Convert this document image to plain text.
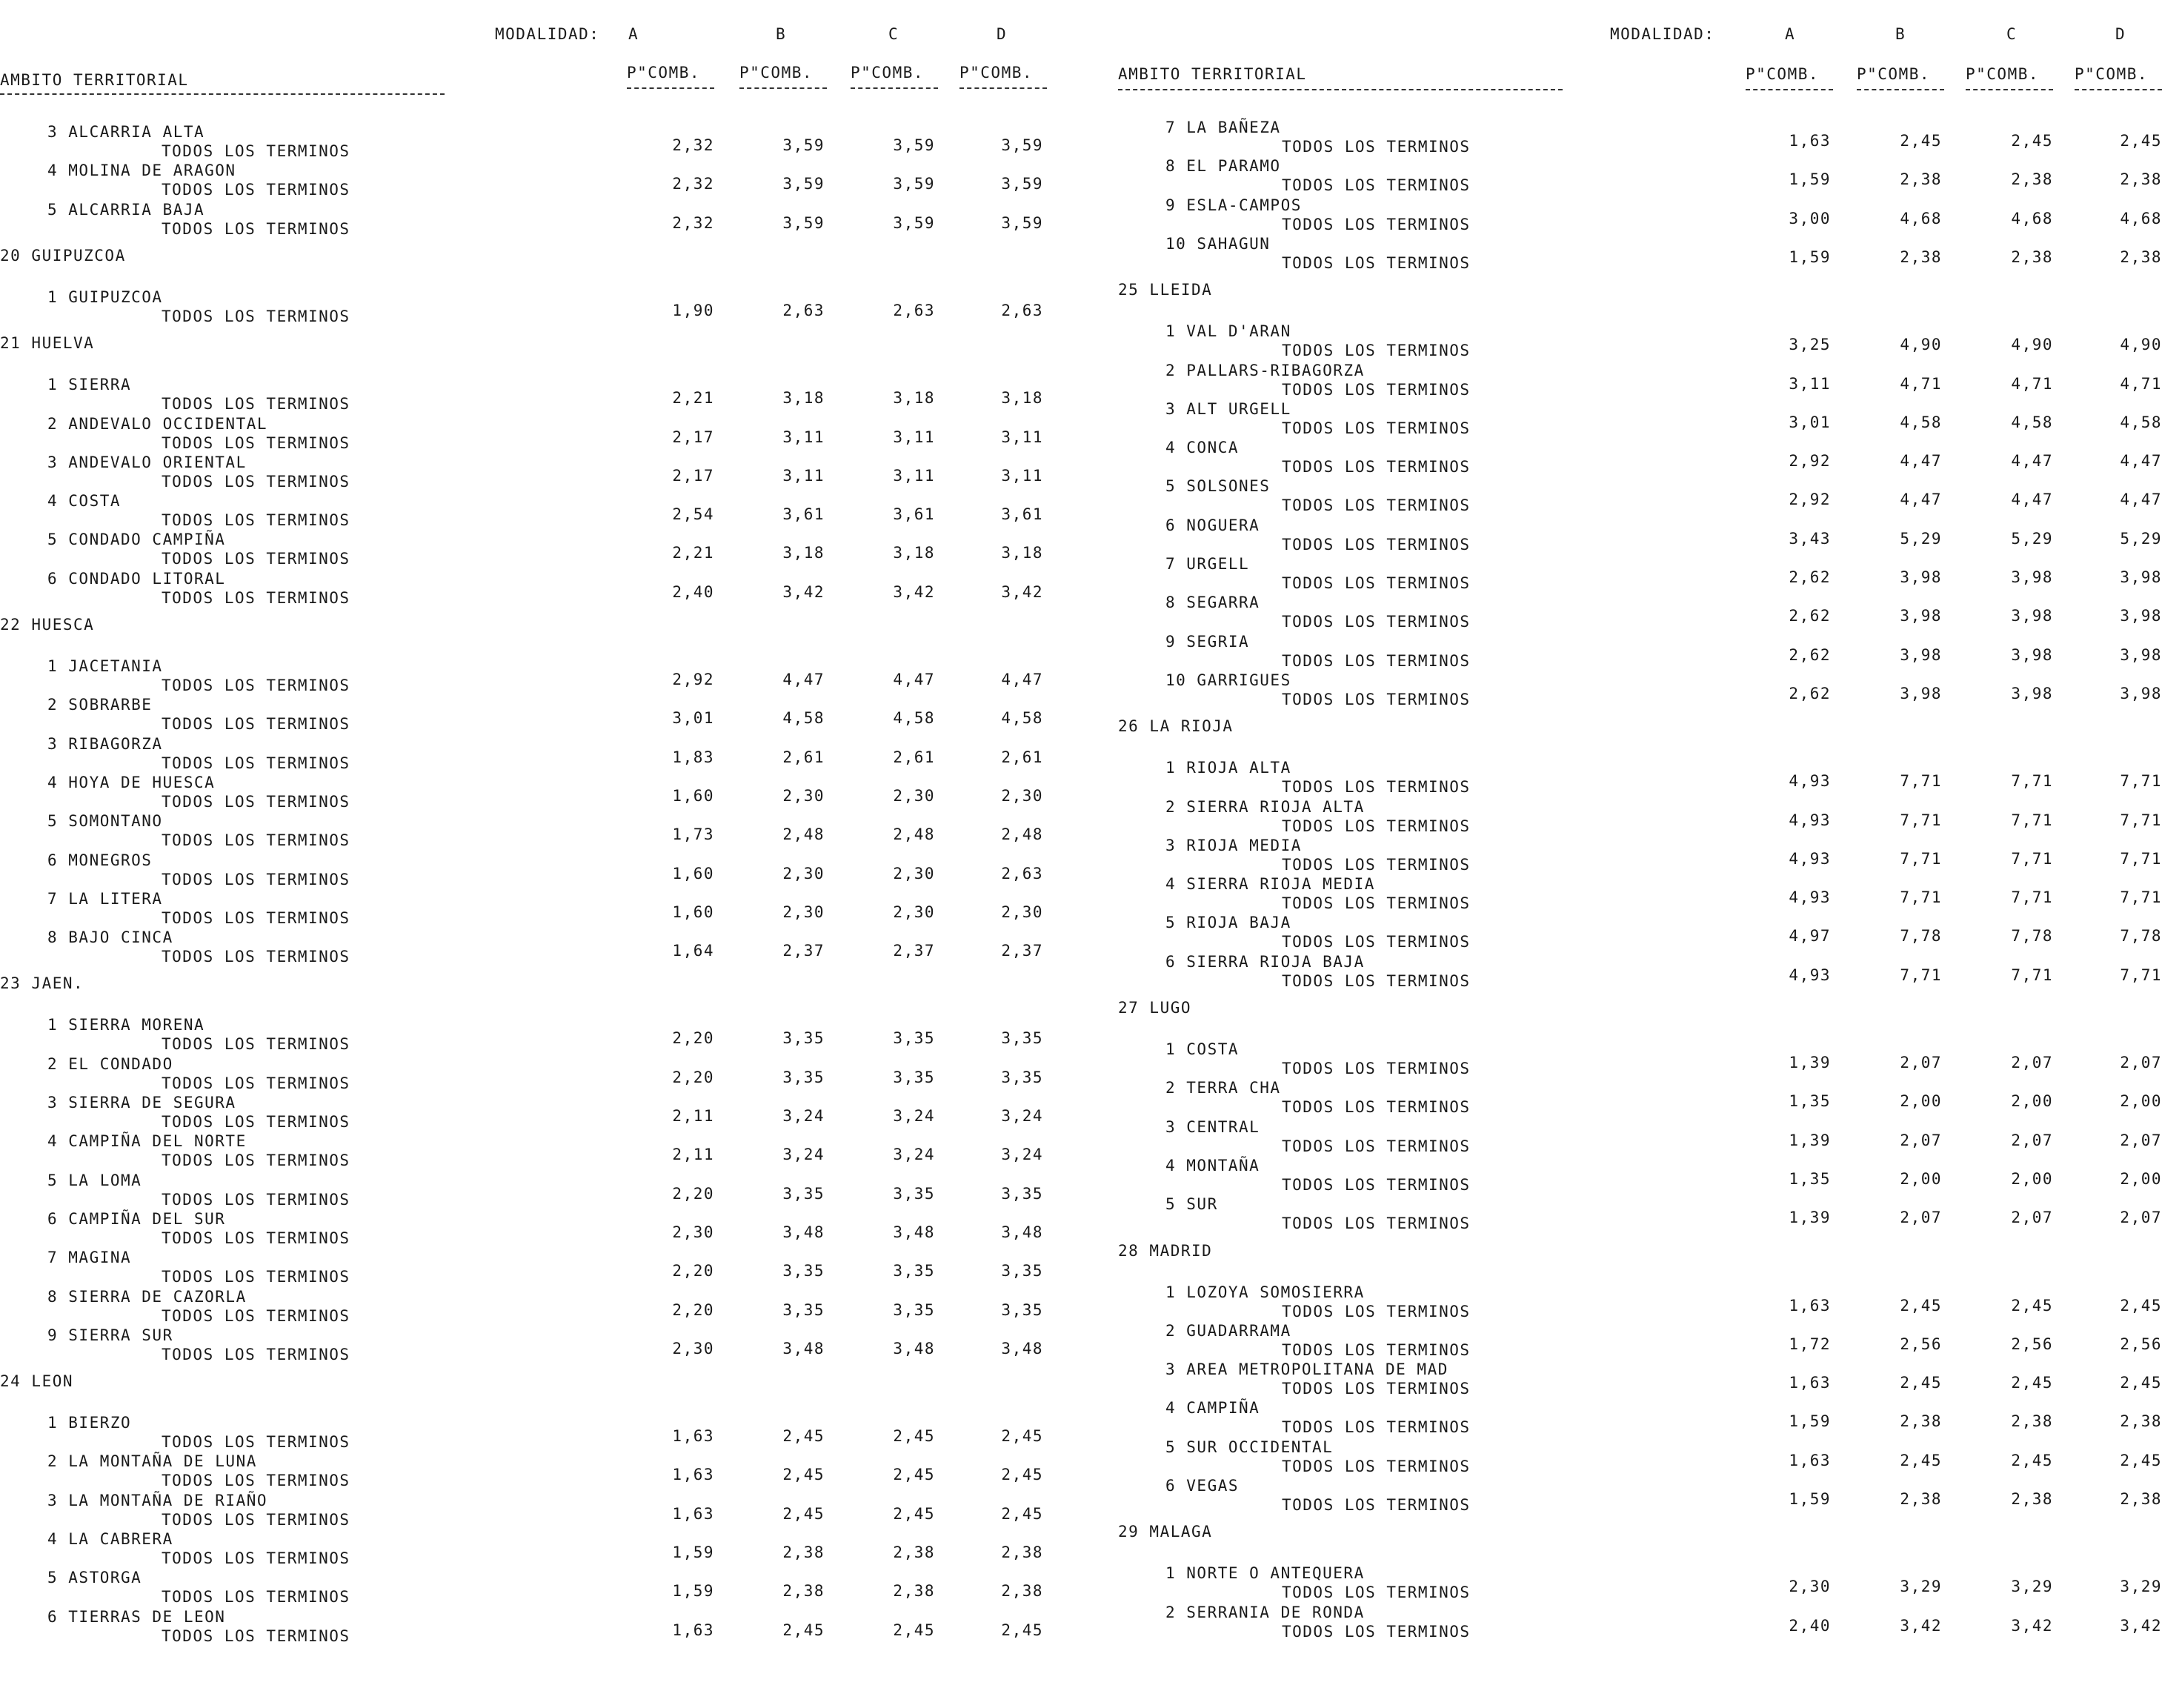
MODALIDAD: A	B	C	D
AMBITO TERRITORIAL	P"COMB.	P"COMB. P"COMB. P"COMB.
3 ALCARRIA ALTA
TODOS LOS TERMINOS	2,32	3,59	3,59	3,59
4 MOLINA DE ARAGON
TODOS LOS TERMINOS	2,32	3,59	3,59	3,59
5 ALCARRIA BAJA
TODOS LOS TERMINOS	2,32	3,59	3,59	3,59
20 GUIPUZCOA
1 GUIPUZCOA
TODOS LOS TERMINOS	1,90	2,63	2,63	2,63
21 HUELVA
1 SIERRA
TODOS LOS TERMINOS	2,21	3,18	3,18	3,18
2 ANDEVALO OCCIDENTAL
TODOS LOS TERMINOS	2,17	3,11	3,11	3,11
3 ANDEVALO ORIENTAL
TODOS LOS TERMINOS	2,17	3,11	3,11	3,11
4 COSTA
TODOS LOS TERMINOS	2,54	3,61	3,61	3,61
5 CONDADO CAMPIÑA
TODOS LOS TERMINOS	2,21	3,18	3,18	3,18
6 CONDADO LITORAL
TODOS LOS TERMINOS	2,40	3,42	3,42	3,42
22 HUESCA
1 JACETANIA
TODOS LOS TERMINOS	2,92	4,47	4,47	4,47
2 SOBRARBE
TODOS LOS TERMINOS	3,01	4,58	4,58	4,58
3 RIBAGORZA
TODOS LOS TERMINOS	1,83	2,61	2,61	2,61
4 HOYA DE HUESCA
TODOS LOS TERMINOS	1,60	2,30	2,30	2,30
5 SOMONTANO
TODOS LOS TERMINOS	1,73	2,48	2,48	2,48
6 MONEGROS
TODOS LOS TERMINOS	1,60	2,30	2,30	2,63
7 LA LITERA
TODOS LOS TERMINOS	1,60	2,30	2,30	2,30
8 BAJO CINCA
TODOS LOS TERMINOS	1,64	2,37	2,37	2,37
23 JAEN.
1 SIERRA MORENA
TODOS LOS TERMINOS	2,20	3,35	3,35	3,35
2 EL CONDADO
TODOS LOS TERMINOS	2,20	3,35	3,35	3,35
3 SIERRA DE SEGURA
TODOS LOS TERMINOS	2,11	3,24	3,24	3,24
4 CAMPIÑA DEL NORTE
TODOS LOS TERMINOS	2,11	3,24	3,24	3,24
5 LA LOMA
TODOS LOS TERMINOS	2,20	3,35	3,35	3,35
6 CAMPIÑA DEL SUR
TODOS LOS TERMINOS	2,30	3,48	3,48	3,48
7 MAGINA
TODOS LOS TERMINOS	2,20	3,35	3,35	3,35
8 SIERRA DE CAZORLA
TODOS LOS TERMINOS	2,20	3,35	3,35	3,35
9 SIERRA SUR
TODOS LOS TERMINOS	2,30	3,48	3,48	3,48
24 LEON
1 BIERZO
TODOS LOS TERMINOS	1,63	2,45	2,45	2,45
2 LA MONTAÑA DE LUNA
TODOS LOS TERMINOS	1,63	2,45	2,45	2,45
3 LA MONTAÑA DE RIAÑO
TODOS LOS TERMINOS	1,63	2,45	2,45	2,45
4 LA CABRERA
TODOS LOS TERMINOS	1,59	2,38	2,38	2,38
5 ASTORGA
TODOS LOS TERMINOS	1,59	2,38	2,38	2,38
6 TIERRAS DE LEON
TODOS LOS TERMINOS	1,63	2,45	2,45	2,45
MODALIDAD:	A	B	C	D
AMBITO TERRITORIAL	P"COMB. P"COMB. P"COMB. P"COMB.
7 LA BAÑEZA
TODOS LOS TERMINOS	1,63	2,45	2,45	2,45
8 EL PARAMO
TODOS LOS TERMINOS	1,59	2,38	2,38	2,38
9 ESLA-CAMPOS
TODOS LOS TERMINOS	3,00	4,68	4,68	4,68
10 SAHAGUN
TODOS LOS TERMINOS	1,59	2,38	2,38	2,38
25 LLEIDA
1 VAL D'ARAN
TODOS LOS TERMINOS	3,25	4,90	4,90	4,90
2 PALLARS-RIBAGORZA
TODOS LOS TERMINOS	3,11	4,71	4,71	4,71
3 ALT URGELL
TODOS LOS TERMINOS	3,01	4,58	4,58	4,58
4 CONCA
TODOS LOS TERMINOS	2,92	4,47	4,47	4,47
5 SOLSONES
TODOS LOS TERMINOS	2,92	4,47	4,47	4,47
6 NOGUERA
TODOS LOS TERMINOS	3,43	5,29	5,29	5,29
7 URGELL
TODOS LOS TERMINOS	2,62	3,98	3,98	3,98
8 SEGARRA
TODOS LOS TERMINOS	2,62	3,98	3,98	3,98
9 SEGRIA
TODOS LOS TERMINOS	2,62	3,98	3,98	3,98
10 GARRIGUES
TODOS LOS TERMINOS	2,62	3,98	3,98	3,98
26 LA RIOJA
1 RIOJA ALTA
TODOS LOS TERMINOS	4,93	7,71	7,71	7,71
2 SIERRA RIOJA ALTA
TODOS LOS TERMINOS	4,93	7,71	7,71	7,71
3 RIOJA MEDIA
TODOS LOS TERMINOS	4,93	7,71	7,71	7,71
4 SIERRA RIOJA MEDIA
TODOS LOS TERMINOS	4,93	7,71	7,71	7,71
5 RIOJA BAJA
TODOS LOS TERMINOS	4,97	7,78	7,78	7,78
6 SIERRA RIOJA BAJA
TODOS LOS TERMINOS	4,93	7,71	7,71	7,71
27 LUGO
1 COSTA
TODOS LOS TERMINOS	1,39	2,07	2,07	2,07
2 TERRA CHA
TODOS LOS TERMINOS	1,35	2,00	2,00	2,00
3 CENTRAL
TODOS LOS TERMINOS	1,39	2,07	2,07	2,07
4 MONTAÑA
TODOS LOS TERMINOS	1,35	2,00	2,00	2,00
5 SUR
TODOS LOS TERMINOS	1,39	2,07	2,07	2,07
28 MADRID
1 LOZOYA SOMOSIERRA
TODOS LOS TERMINOS	1,63	2,45	2,45	2,45
2 GUADARRAMA
TODOS LOS TERMINOS	1,72	2,56	2,56	2,56
3 AREA METROPOLITANA DE MAD
TODOS LOS TERMINOS	1,63	2,45	2,45	2,45
4 CAMPIÑA
TODOS LOS TERMINOS	1,59	2,38	2,38	2,38
5 SUR OCCIDENTAL
TODOS LOS TERMINOS	1,63	2,45	2,45	2,45
6 VEGAS
TODOS LOS TERMINOS	1,59	2,38	2,38	2,38
29 MALAGA
1 NORTE O ANTEQUERA
TODOS LOS TERMINOS	2,30	3,29	3,29	3,29
2 SERRANIA DE RONDA
TODOS LOS TERMINOS	2,40	3,42	3,42	3,42
